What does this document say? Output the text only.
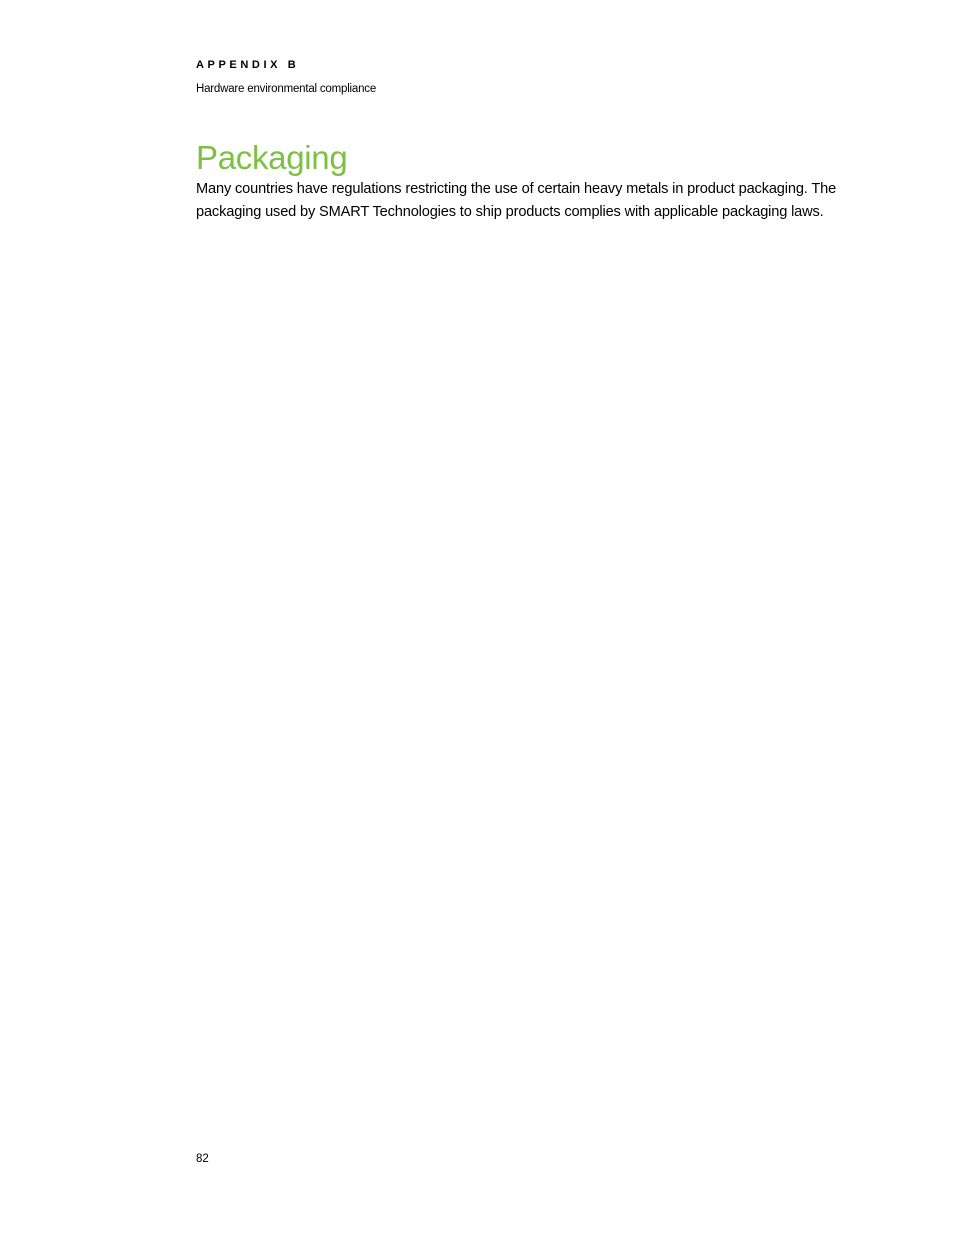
APPENDIX B

Hardware environmental compliance

Packaging

Many countries have regulations restricting the use of certain heavy metals in product packaging. The packaging used by SMART Technologies to ship products complies with applicable packaging laws.

82
